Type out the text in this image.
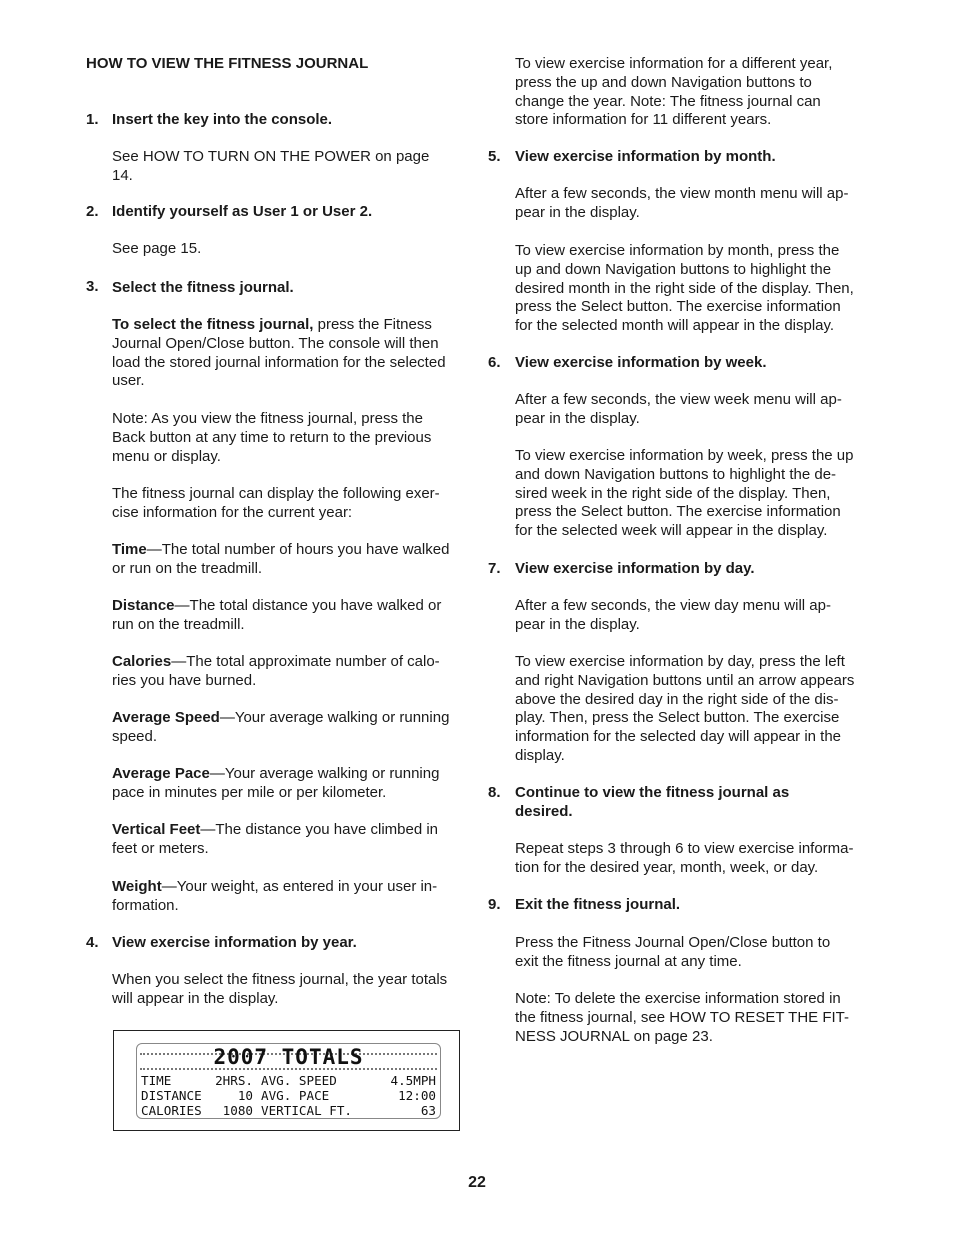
HOW TO VIEW THE FITNESS JOURNAL
1. Insert the key into the console.
See HOW TO TURN ON THE POWER on page
14.
2. Identify yourself as User 1 or User 2.
See page 15.
3. Select the fitness journal.
To select the fitness journal, press the Fitness
Journal Open/Close button. The console will then
load the stored journal information for the selected
user.
Note: As you view the fitness journal, press the
Back button at any time to return to the previous
menu or display.
The fitness journal can display the following exer-
cise information for the current year:
Time—The total number of hours you have walked
or run on the treadmill.
Distance—The total distance you have walked or
run on the treadmill.
Calories—The total approximate number of calo-
ries you have burned.
Average Speed—Your average walking or running
speed.
Average Pace—Your average walking or running
pace in minutes per mile or per kilometer.
Vertical Feet—The distance you have climbed in
feet or meters.
Weight—Your weight, as entered in your user in-
formation.
4. View exercise information by year.
When you select the fitness journal, the year totals
will appear in the display.
2007 TOTALS
TIME	2HRS. AVG. SPEED	4.5MPH
DISTANCE	10 AVG. PACE	12:00
CALORIES	1080 VERTICAL FT.	63
To view exercise information for a different year,
press the up and down Navigation buttons to
change the year. Note: The fitness journal can
store information for 11 different years.
5. View exercise information by month.
After a few seconds, the view month menu will ap-
pear in the display.
To view exercise information by month, press the
up and down Navigation buttons to highlight the
desired month in the right side of the display. Then,
press the Select button. The exercise information
for the selected month will appear in the display.
6. View exercise information by week.
After a few seconds, the view week menu will ap-
pear in the display.
To view exercise information by week, press the up
and down Navigation buttons to highlight the de-
sired week in the right side of the display. Then,
press the Select button. The exercise information
for the selected week will appear in the display.
7. View exercise information by day.
After a few seconds, the view day menu will ap-
pear in the display.
To view exercise information by day, press the left
and right Navigation buttons until an arrow appears
above the desired day in the right side of the dis-
play. Then, press the Select button. The exercise
information for the selected day will appear in the
display.
8. Continue to view the fitness journal as
desired.
Repeat steps 3 through 6 to view exercise informa-
tion for the desired year, month, week, or day.
9. Exit the fitness journal.
Press the Fitness Journal Open/Close button to
exit the fitness journal at any time.
Note: To delete the exercise information stored in
the fitness journal, see HOW TO RESET THE FIT-
NESS JOURNAL on page 23.
22
